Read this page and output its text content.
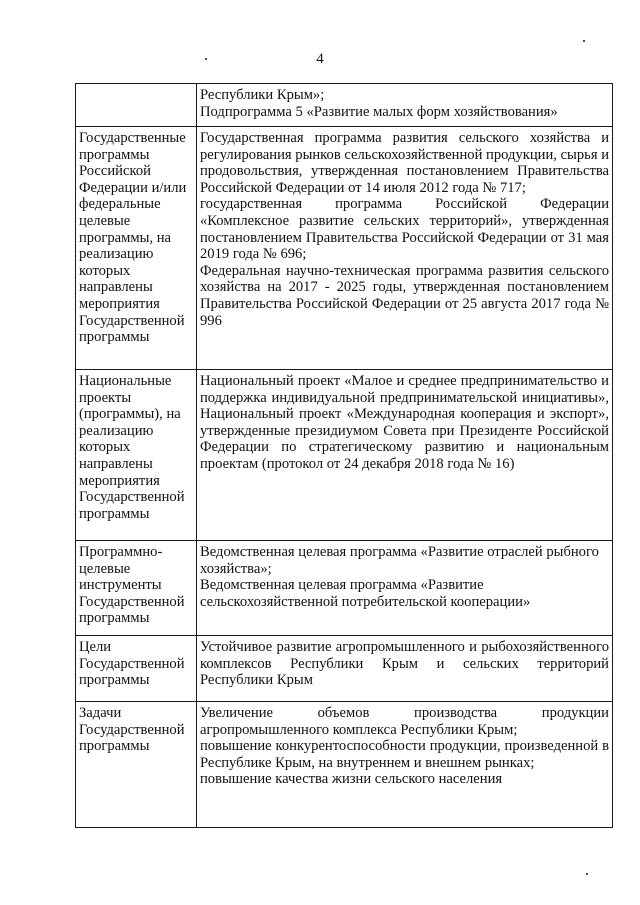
4

	Республики Крым»;
Подпрограмма 5 «Развитие малых форм хозяйствования»

Государственные программы Российской Федерации и/или федеральные целевые программы, на реализацию которых направлены мероприятия Государственной программы	Государственная программа развития сельского хозяйства и регулирования рынков сельскохозяйственной продукции, сырья и продовольствия, утвержденная постановлением Правительства Российской Федерации от 14 июля 2012 года № 717;
государственная программа Российской Федерации «Комплексное развитие сельских территорий», утвержденная постановлением Правительства Российской Федерации от 31 мая 2019 года № 696;
Федеральная научно-техническая программа развития сельского хозяйства на 2017 - 2025 годы, утвержденная постановлением Правительства Российской Федерации от 25 августа 2017 года № 996

Национальные проекты (программы), на реализацию которых направлены мероприятия Государственной программы	Национальный проект «Малое и среднее предпринимательство и поддержка индивидуальной предпринимательской инициативы», Национальный проект «Международная кооперация и экспорт», утвержденные президиумом Совета при Президенте Российской Федерации по стратегическому развитию и национальным проектам (протокол от 24 декабря 2018 года № 16)

Программно-целевые инструменты Государственной программы	Ведомственная целевая программа «Развитие отраслей рыбного хозяйства»;
Ведомственная целевая программа «Развитие сельскохозяйственной потребительской кооперации»

Цели Государственной программы	Устойчивое развитие агропромышленного и рыбохозяйственного комплексов Республики Крым и сельских территорий Республики Крым

Задачи Государственной программы	Увеличение объемов производства продукции агропромышленного комплекса Республики Крым;
повышение конкурентоспособности продукции, произведенной в Республике Крым, на внутреннем и внешнем рынках;
повышение качества жизни сельского населения
